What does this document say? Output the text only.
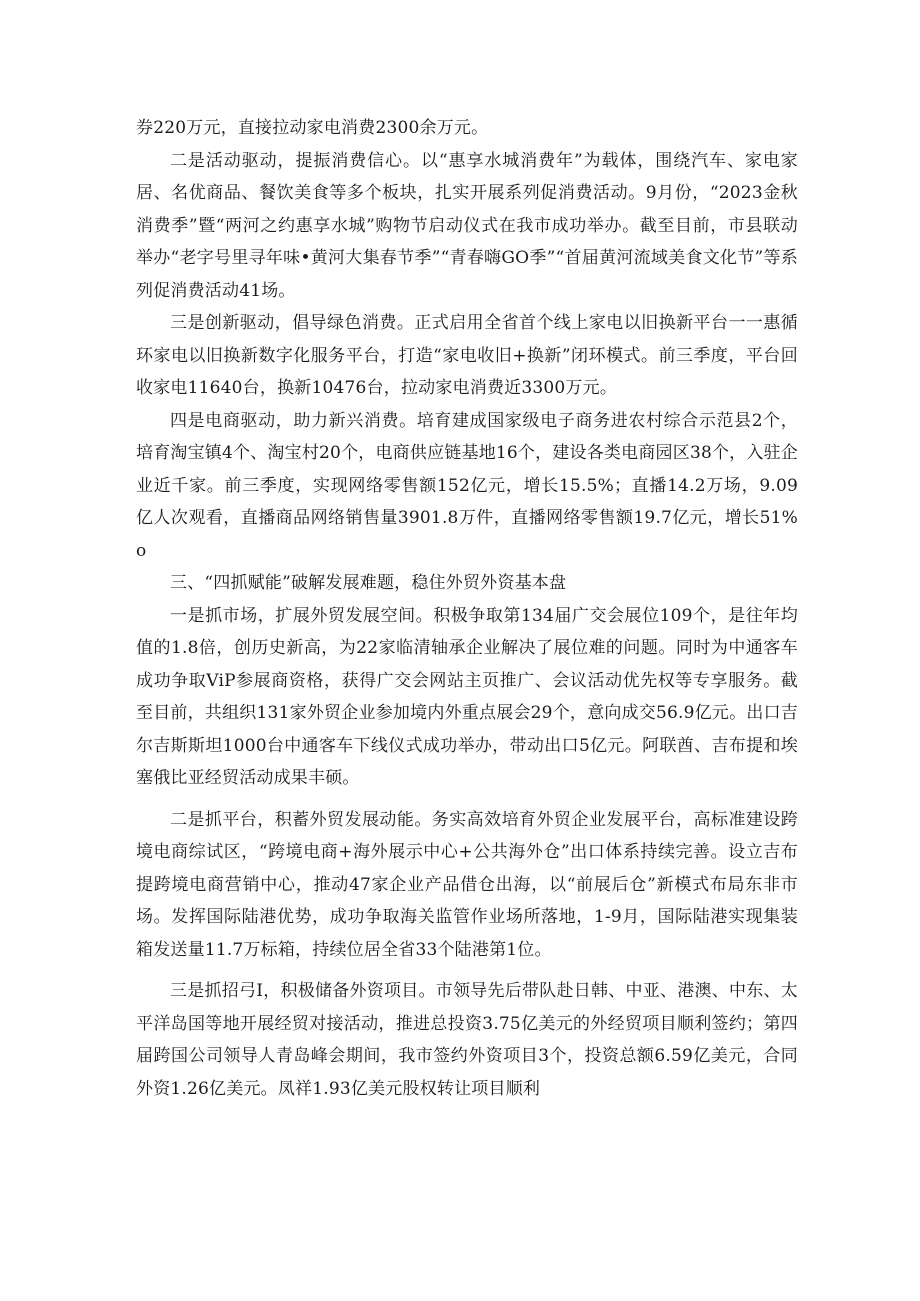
券220万元，直接拉动家电消费2300余万元。

二是活动驱动，提振消费信心。以“惠享水城消费年”为载体，围绕汽车、家电家居、名优商品、餐饮美食等多个板块，扎实开展系列促消费活动。9月份，“2023金秋消费季”暨“两河之约惠享水城”购物节启动仪式在我市成功举办。截至目前，市县联动举办“老字号里寻年味•黄河大集春节季”“青春嗨GO季”“首届黄河流域美食文化节”等系列促消费活动41场。

三是创新驱动，倡导绿色消费。正式启用全省首个线上家电以旧换新平台一一惠循环家电以旧换新数字化服务平台，打造“家电收旧+换新”闭环模式。前三季度，平台回收家电11640台，换新10476台，拉动家电消费近3300万元。

四是电商驱动，助力新兴消费。培育建成国家级电子商务进农村综合示范县2个，培育淘宝镇4个、淘宝村20个，电商供应链基地16个，建设各类电商园区38个，入驻企业近千家。前三季度，实现网络零售额152亿元，增长15.5%；直播14.2万场，9.09亿人次观看，直播商品网络销售量3901.8万件，直播网络零售额19.7亿元，增长51%o

三、“四抓赋能”破解发展难题，稳住外贸外资基本盘

一是抓市场，扩展外贸发展空间。积极争取第134届广交会展位109个，是往年均值的1.8倍，创历史新高，为22家临清轴承企业解决了展位难的问题。同时为中通客车成功争取ViP参展商资格，获得广交会网站主页推广、会议活动优先权等专享服务。截至目前，共组织131家外贸企业参加境内外重点展会29个，意向成交56.9亿元。出口吉尔吉斯斯坦1000台中通客车下线仪式成功举办，带动出口5亿元。阿联酋、吉布提和埃塞俄比亚经贸活动成果丰硕。

二是抓平台，积蓄外贸发展动能。务实高效培育外贸企业发展平台，高标准建设跨境电商综试区，“跨境电商+海外展示中心+公共海外仓”出口体系持续完善。设立吉布提跨境电商营销中心，推动47家企业产品借仓出海，以“前展后仓”新模式布局东非市场。发挥国际陆港优势，成功争取海关监管作业场所落地，1-9月，国际陆港实现集装箱发送量11.7万标箱，持续位居全省33个陆港第1位。

三是抓招弓I，积极储备外资项目。市领导先后带队赴日韩、中亚、港澳、中东、太平洋岛国等地开展经贸对接活动，推进总投资3.75亿美元的外经贸项目顺利签约；第四届跨国公司领导人青岛峰会期间，我市签约外资项目3个，投资总额6.59亿美元，合同外资1.26亿美元。凤祥1.93亿美元股权转让项目顺利
